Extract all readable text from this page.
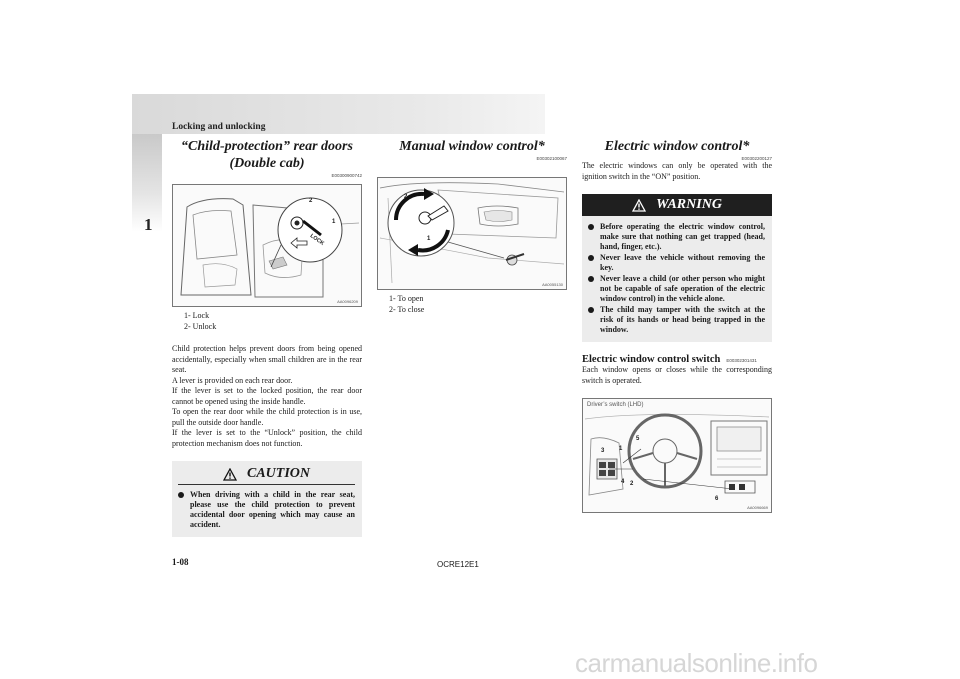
Locking and unlocking
1
“Child-protection” rear doors (Double cab)
E00300900742
2
1
LOCK
AA0096209
1- Lock
2- Unlock

Child protection helps prevent doors from being opened accidentally, especially when small children are in the rear seat.

A lever is provided on each rear door.

If the lever is set to the locked position, the rear door cannot be opened using the inside handle.

To open the rear door while the child protection is in use, pull the outside door handle.

If the lever is set to the “Unlock” position, the child protection mechanism does not function.

CAUTION
When driving with a child in the rear seat, please use the child protection to prevent accidental door opening which may cause an accident.
Manual window control*
E00302100067
2
1
AA0055130
1- To open
2- To close
Electric window control*
E00302200127

The electric windows can only be operated with the ignition switch in the “ON” position.

WARNING
Before operating the electric window control, make sure that nothing can get trapped (head, hand, finger, etc.).
Never leave the vehicle without removing the key.
Never leave a child (or other person who might not be capable of safe operation of the electric window control) in the vehicle alone.
The child may tamper with the switch at the risk of its hands or head being trapped in the window.
Electric window control switch E00302301431

Each window opens or closes while the corresponding switch is operated.

Driver’s switch (LHD)
3 1
5
4 2
6
AA0096669
1-08	OCRE12E1
carmanualsonline.info
